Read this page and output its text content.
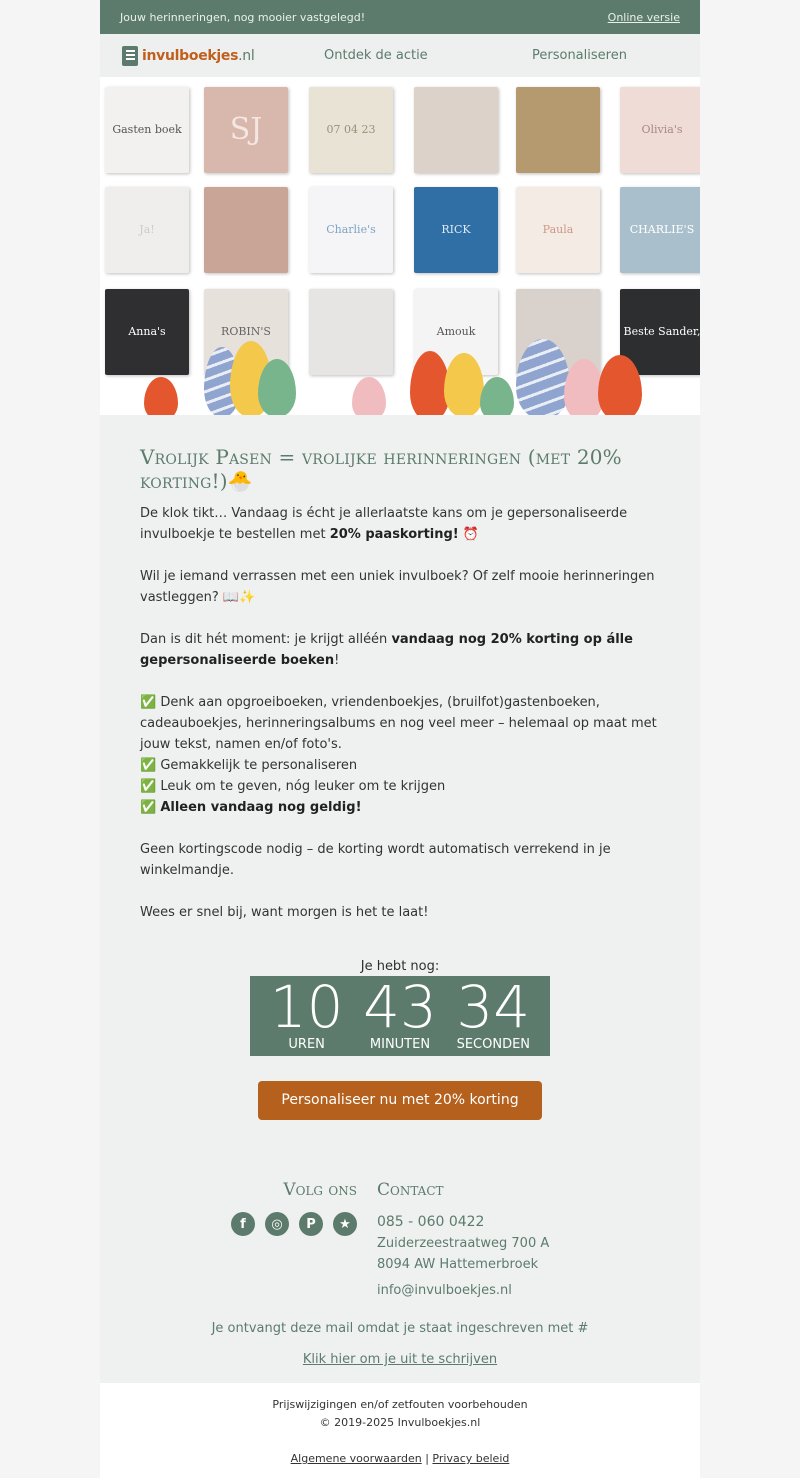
Jouw herinneringen, nog mooier vastgelegd!	Online versie
invulboekjes.nl	Ontdek de actie	Personaliseren
Gasten boek SJ	07 04 23	Olivia's
Ja!	Charlie's	RICK	Paula	CHARLIE'S
Anna's	ROBIN'S	Amouk	Beste Sander,
Vrolijk Pasen = vrolijke herinneringen (met 20% korting!)🐣

De klok tikt… Vandaag is écht je allerlaatste kans om je gepersonaliseerde invulboekje te bestellen met 20% paaskorting! ⏰

Wil je iemand verrassen met een uniek invulboek? Of zelf mooie herinneringen vastleggen? 📖✨

Dan is dit hét moment: je krijgt alléén vandaag nog 20% korting op álle gepersonaliseerde boeken!

✅ Denk aan opgroeiboeken, vriendenboekjes, (bruilfot)gastenboeken, cadeauboekjes, herinneringsalbums en nog veel meer – helemaal op maat met jouw tekst, namen en/of foto's.

✅ Gemakkelijk te personaliseren

✅ Leuk om te geven, nóg leuker om te krijgen

✅ Alleen vandaag nog geldig!

Geen kortingscode nodig – de korting wordt automatisch verrekend in je winkelmandje.

Wees er snel bij, want morgen is het te laat!

Je hebt nog:

10
UREN
43
MINUTEN
34
SECONDEN
Personaliseer nu met 20% korting
Volg ons
f	◎	P	★
Contact
085 - 060 0422
Zuiderzeestraatweg 700 A
8094 AW Hattemerbroek
info@invulboekjes.nl

Je ontvangt deze mail omdat je staat ingeschreven met #

Klik hier om je uit te schrijven

Prijswijzigingen en/of zetfouten voorbehouden
© 2019-2025 Invulboekjes.nl
Algemene voorwaarden | Privacy beleid
